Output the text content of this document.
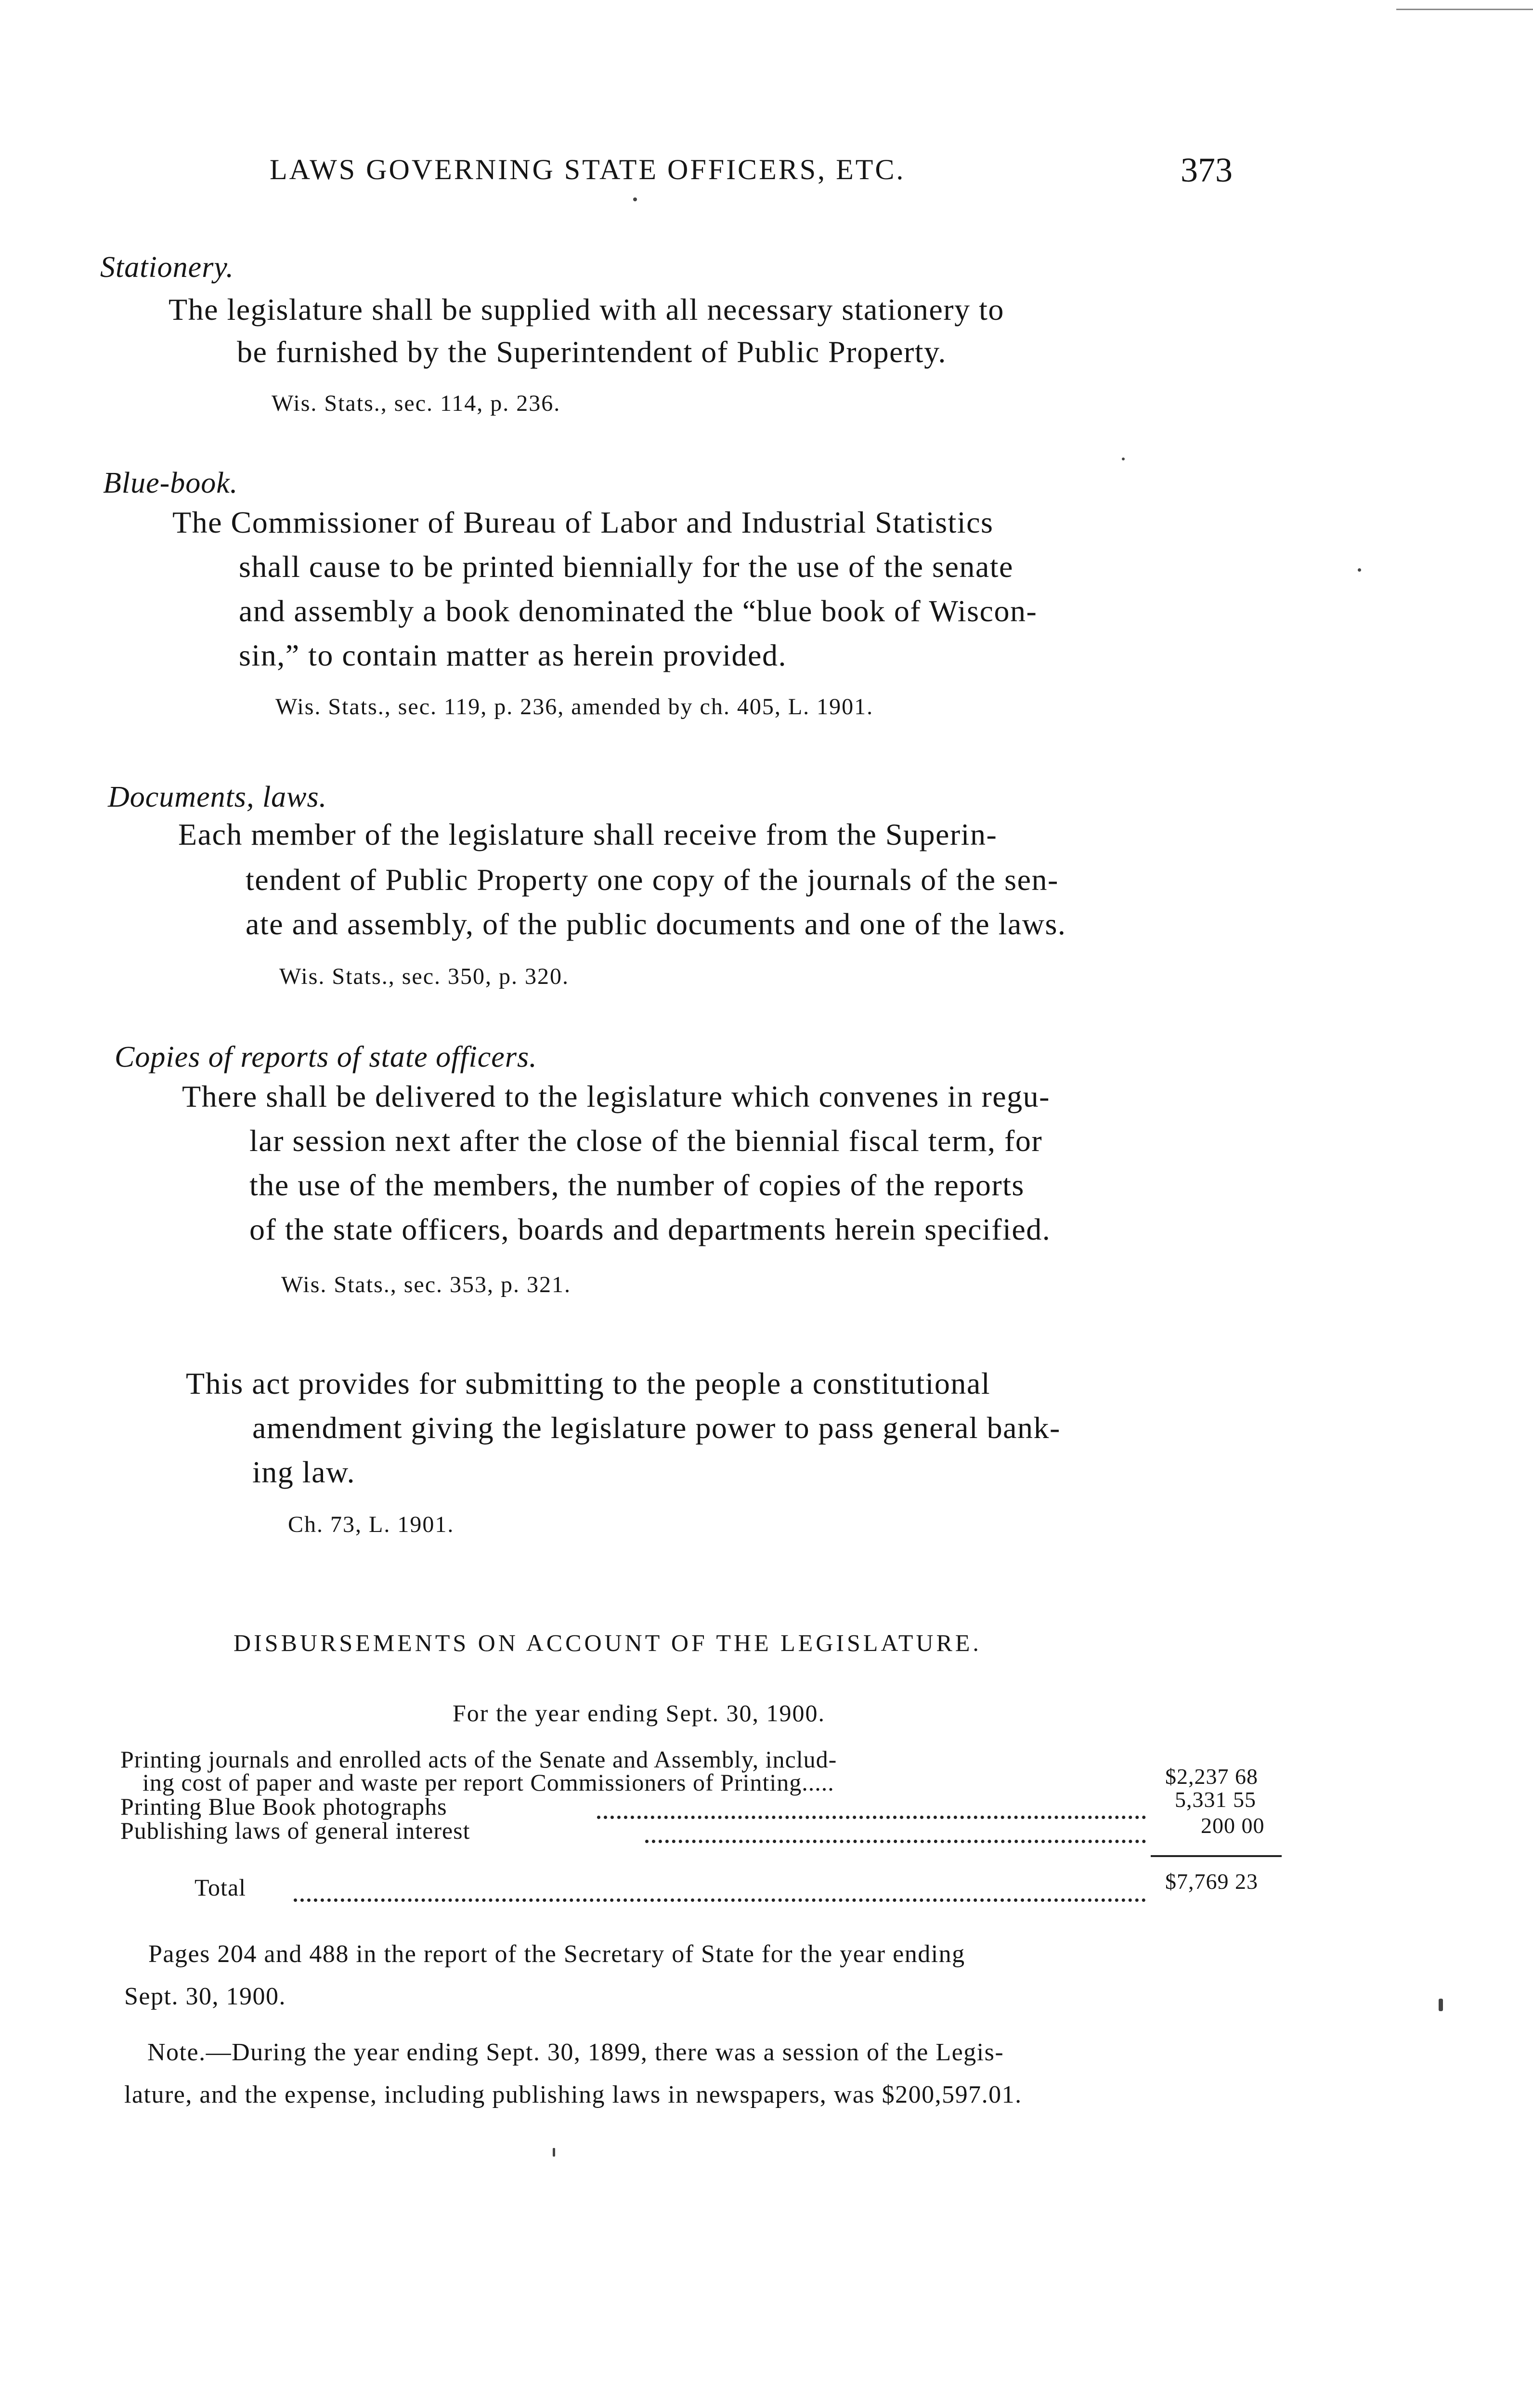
LAWS GOVERNING STATE OFFICERS, ETC.	373
Stationery.
The legislature shall be supplied with all necessary stationery to
be furnished by the Superintendent of Public Property.
Wis. Stats., sec. 114, p. 236.
Blue-book.
The Commissioner of Bureau of Labor and Industrial Statistics
shall cause to be printed biennially for the use of the senate
and assembly a book denominated the “blue book of Wiscon-
sin,” to contain matter as herein provided.
Wis. Stats., sec. 119, p. 236, amended by ch. 405, L. 1901.
Documents, laws.
Each member of the legislature shall receive from the Superin-
tendent of Public Property one copy of the journals of the sen-
ate and assembly, of the public documents and one of the laws.
Wis. Stats., sec. 350, p. 320.
Copies of reports of state officers.
There shall be delivered to the legislature which convenes in regu-
lar session next after the close of the biennial fiscal term, for
the use of the members, the number of copies of the reports
of the state officers, boards and departments herein specified.
Wis. Stats., sec. 353, p. 321.
This act provides for submitting to the people a constitutional
amendment giving the legislature power to pass general bank-
ing law.
Ch. 73, L. 1901.
DISBURSEMENTS ON ACCOUNT OF THE LEGISLATURE.
For the year ending Sept. 30, 1900.
Printing journals and enrolled acts of the Senate and Assembly, includ-
ing cost of paper and waste per report Commissioners of Printing.....	$2,237 68
Printing Blue Book photographs	5,331 55
Publishing laws of general interest	200 00
Total	$7,769 23
Pages 204 and 488 in the report of the Secretary of State for the year ending
Sept. 30, 1900.
Note.—During the year ending Sept. 30, 1899, there was a session of the Legis-
lature, and the expense, including publishing laws in newspapers, was $200,597.01.
